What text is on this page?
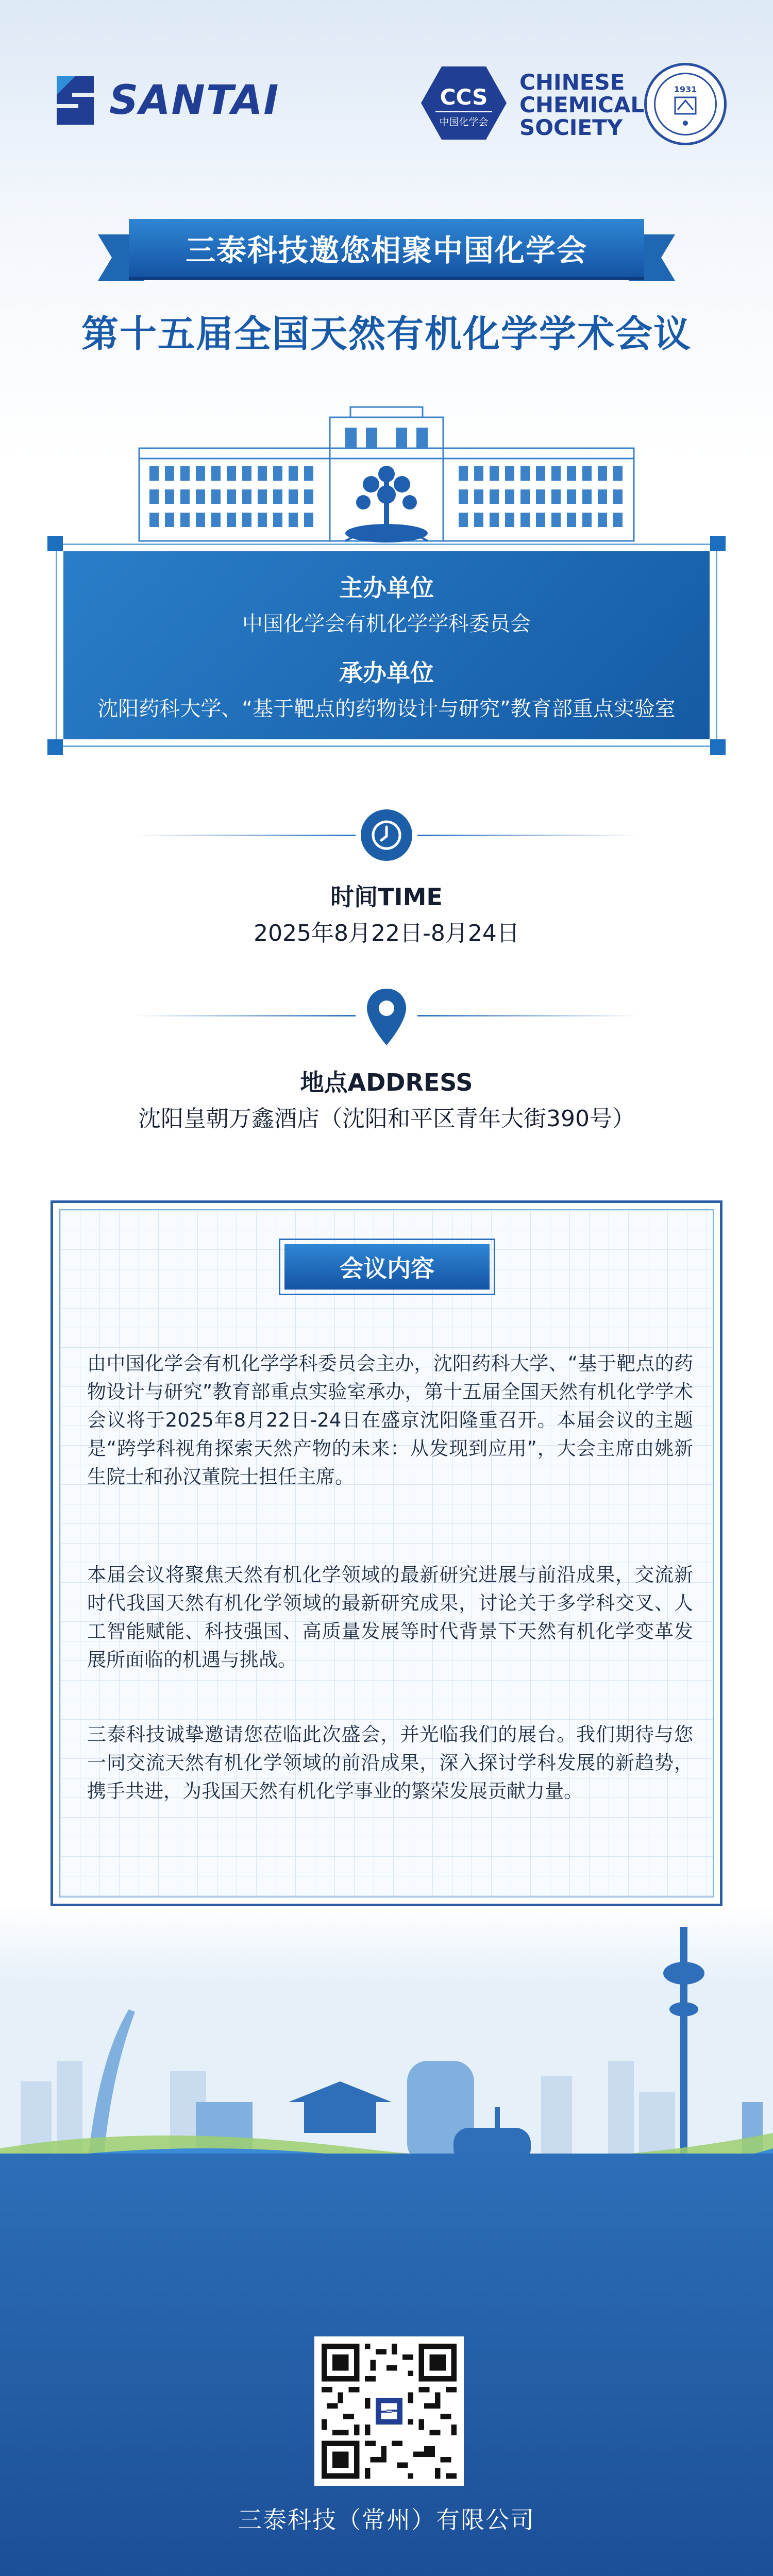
SANTAI	CCS
中国化学会
CHINESE
CHEMICAL
SOCIETY
1931
三泰科技邀您相聚中国化学会
第十五届全国天然有机化学学术会议
主办单位
中国化学会有机化学学科委员会
承办单位
沈阳药科大学、“基于靶点的药物设计与研究”教育部重点实验室
时间TIME
2025年8月22日-8月24日
地点ADDRESS
沈阳皇朝万鑫酒店（沈阳和平区青年大街390号）
会议内容

由中国化学会有机化学学科委员会主办，沈阳药科大学、“基于靶点的药物设计与研究”教育部重点实验室承办，第十五届全国天然有机化学学术会议将于2025年8月22日-24日在盛京沈阳隆重召开。本届会议的主题是“跨学科视角探索天然产物的未来：从发现到应用”，大会主席由姚新生院士和孙汉董院士担任主席。

本届会议将聚焦天然有机化学领域的最新研究进展与前沿成果，交流新时代我国天然有机化学领域的最新研究成果，讨论关于多学科交叉、人工智能赋能、科技强国、高质量发展等时代背景下天然有机化学变革发展所面临的机遇与挑战。

三泰科技诚挚邀请您莅临此次盛会，并光临我们的展台。我们期待与您一同交流天然有机化学领域的前沿成果，深入探讨学科发展的新趋势，携手共进，为我国天然有机化学事业的繁荣发展贡献力量。

三泰科技（常州）有限公司
